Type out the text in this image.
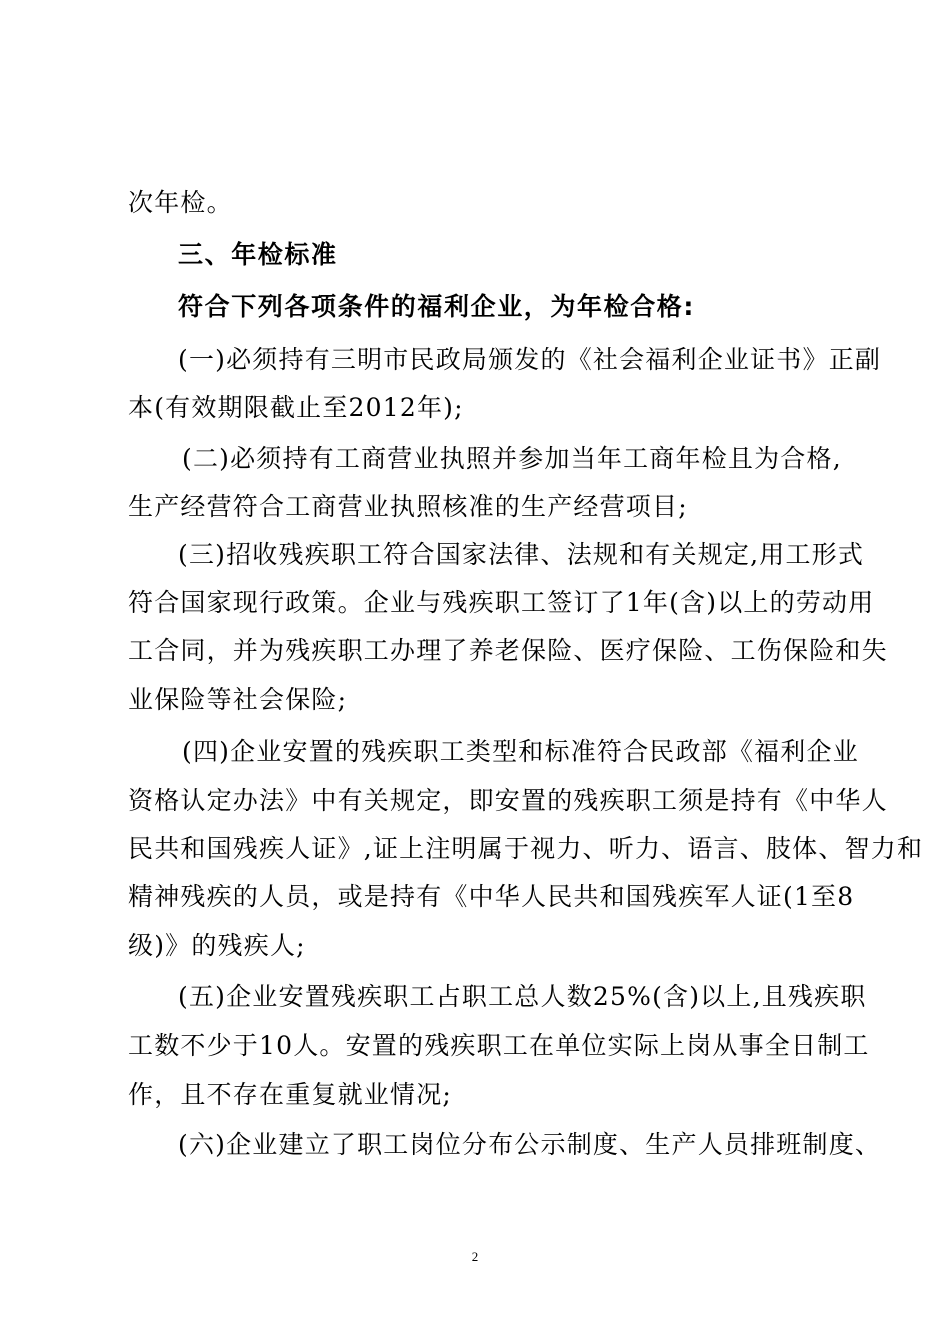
次年检。
三、年检标准
符合下列各项条件的福利企业，为年检合格:
(一)必须持有三明市民政局颁发的《社会福利企业证书》正副
本(有效期限截止至2012年);
(二)必须持有工商营业执照并参加当年工商年检且为合格,
生产经营符合工商营业执照核准的生产经营项目;
(三)招收残疾职工符合国家法律、法规和有关规定,用工形式
符合国家现行政策。企业与残疾职工签订了1年(含)以上的劳动用
工合同，并为残疾职工办理了养老保险、医疗保险、工伤保险和失
业保险等社会保险;
(四)企业安置的残疾职工类型和标准符合民政部《福利企业
资格认定办法》中有关规定，即安置的残疾职工须是持有《中华人
民共和国残疾人证》,证上注明属于视力、听力、语言、肢体、智力和
精神残疾的人员，或是持有《中华人民共和国残疾军人证(1至8
级)》的残疾人;
(五)企业安置残疾职工占职工总人数25%(含)以上,且残疾职
工数不少于10人。安置的残疾职工在单位实际上岗从事全日制工
作，且不存在重复就业情况;
(六)企业建立了职工岗位分布公示制度、生产人员排班制度、
2
